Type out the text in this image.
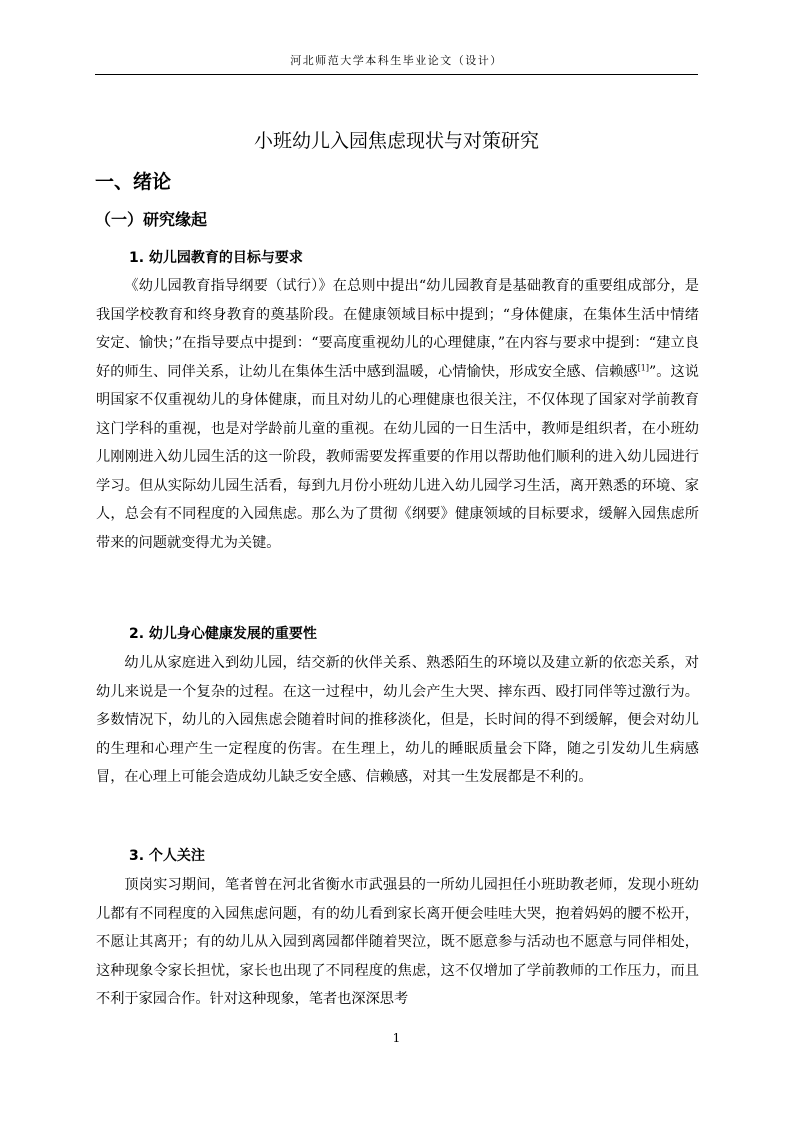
河北师范大学本科生毕业论文（设计）
小班幼儿入园焦虑现状与对策研究
一、绪论
（一）研究缘起
1. 幼儿园教育的目标与要求

《幼儿园教育指导纲要（试行）》在总则中提出“幼儿园教育是基础教育的重要组成部分，是我国学校教育和终身教育的奠基阶段。在健康领域目标中提到；“身体健康，在集体生活中情绪安定、愉快；”在指导要点中提到：“要高度重视幼儿的心理健康，”在内容与要求中提到：“建立良好的师生、同伴关系，让幼儿在集体生活中感到温暖，心情愉快，形成安全感、信赖感[1]”。这说明国家不仅重视幼儿的身体健康，而且对幼儿的心理健康也很关注，不仅体现了国家对学前教育这门学科的重视，也是对学龄前儿童的重视。在幼儿园的一日生活中，教师是组织者，在小班幼儿刚刚进入幼儿园生活的这一阶段，教师需要发挥重要的作用以帮助他们顺利的进入幼儿园进行学习。但从实际幼儿园生活看，每到九月份小班幼儿进入幼儿园学习生活，离开熟悉的环境、家人，总会有不同程度的入园焦虑。那么为了贯彻《纲要》健康领域的目标要求，缓解入园焦虑所带来的问题就变得尤为关键。

2. 幼儿身心健康发展的重要性

幼儿从家庭进入到幼儿园，结交新的伙伴关系、熟悉陌生的环境以及建立新的依恋关系，对幼儿来说是一个复杂的过程。在这一过程中，幼儿会产生大哭、摔东西、殴打同伴等过激行为。多数情况下，幼儿的入园焦虑会随着时间的推移淡化，但是，长时间的得不到缓解，便会对幼儿的生理和心理产生一定程度的伤害。在生理上，幼儿的睡眠质量会下降，随之引发幼儿生病感冒，在心理上可能会造成幼儿缺乏安全感、信赖感，对其一生发展都是不利的。

3. 个人关注

顶岗实习期间，笔者曾在河北省衡水市武强县的一所幼儿园担任小班助教老师，发现小班幼儿都有不同程度的入园焦虑问题，有的幼儿看到家长离开便会哇哇大哭，抱着妈妈的腰不松开，不愿让其离开；有的幼儿从入园到离园都伴随着哭泣，既不愿意参与活动也不愿意与同伴相处，这种现象令家长担忧，家长也出现了不同程度的焦虑，这不仅增加了学前教师的工作压力，而且不利于家园合作。针对这种现象，笔者也深深思考

1
